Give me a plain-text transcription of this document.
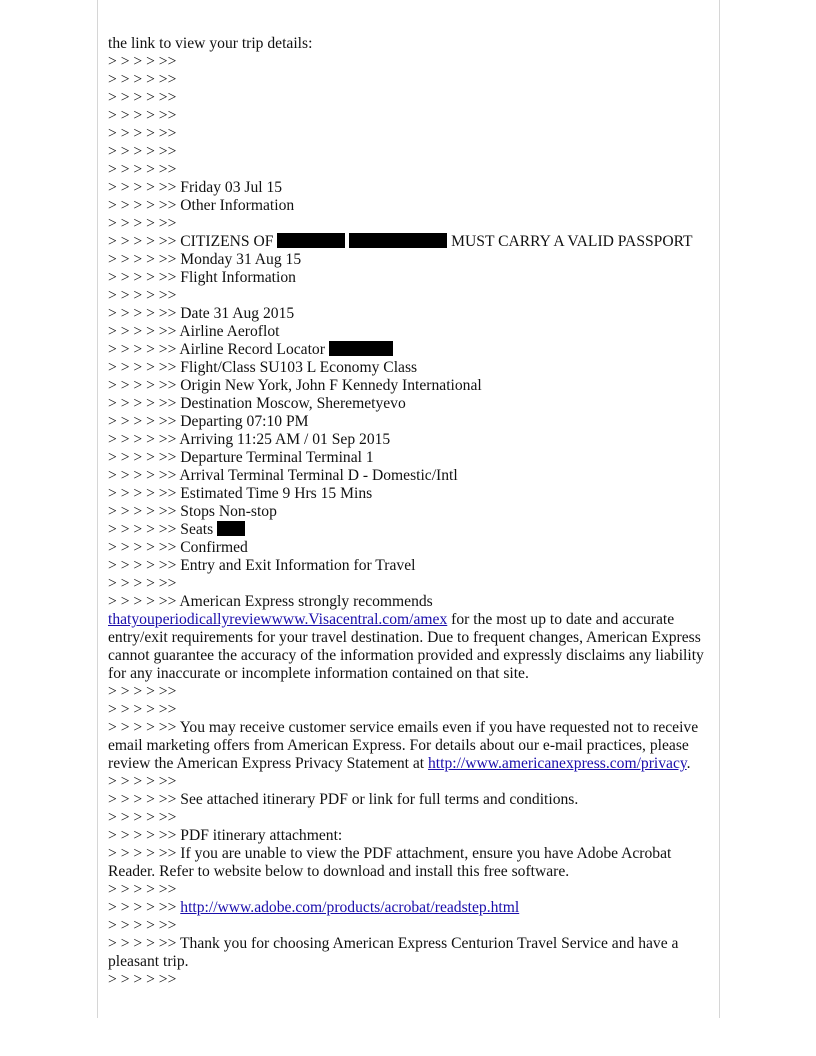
the link to view your trip details:
> > > > >>
> > > > >>
> > > > >>
> > > > >>
> > > > >>
> > > > >>
> > > > >>
> > > > >> Friday 03 Jul 15
> > > > >> Other Information
> > > > >>
> > > > >> CITIZENS OF	MUST CARRY A VALID PASSPORT
> > > > >> Monday 31 Aug 15
> > > > >> Flight Information
> > > > >>
> > > > >> Date 31 Aug 2015
> > > > >> Airline Aeroflot
> > > > >> Airline Record Locator
> > > > >> Flight/Class SU103 L Economy Class
> > > > >> Origin New York, John F Kennedy International
> > > > >> Destination Moscow, Sheremetyevo
> > > > >> Departing 07:10 PM
> > > > >> Arriving 11:25 AM / 01 Sep 2015
> > > > >> Departure Terminal Terminal 1
> > > > >> Arrival Terminal Terminal D - Domestic/Intl
> > > > >> Estimated Time 9 Hrs 15 Mins
> > > > >> Stops Non-stop
> > > > >> Seats
> > > > >> Confirmed
> > > > >> Entry and Exit Information for Travel
> > > > >>
> > > > >> American Express strongly recommends
thatyouperiodicallyreviewwww.Visacentral.com/amex for the most up to date and accurate entry/exit requirements for your travel destination. Due to frequent changes, American Express cannot guarantee the accuracy of the information provided and expressly disclaims any liability for any inaccurate or incomplete information contained on that site.
> > > > >>
> > > > >>
> > > > >> You may receive customer service emails even if you have requested not to receive email marketing offers from American Express. For details about our e-mail practices, please review the American Express Privacy Statement at http://www.americanexpress.com/privacy.
> > > > >>
> > > > >> See attached itinerary PDF or link for full terms and conditions.
> > > > >>
> > > > >> PDF itinerary attachment:
> > > > >> If you are unable to view the PDF attachment, ensure you have Adobe Acrobat Reader. Refer to website below to download and install this free software.
> > > > >>
> > > > >> http://www.adobe.com/products/acrobat/readstep.html
> > > > >>
> > > > >> Thank you for choosing American Express Centurion Travel Service and have a pleasant trip.
> > > > >>
